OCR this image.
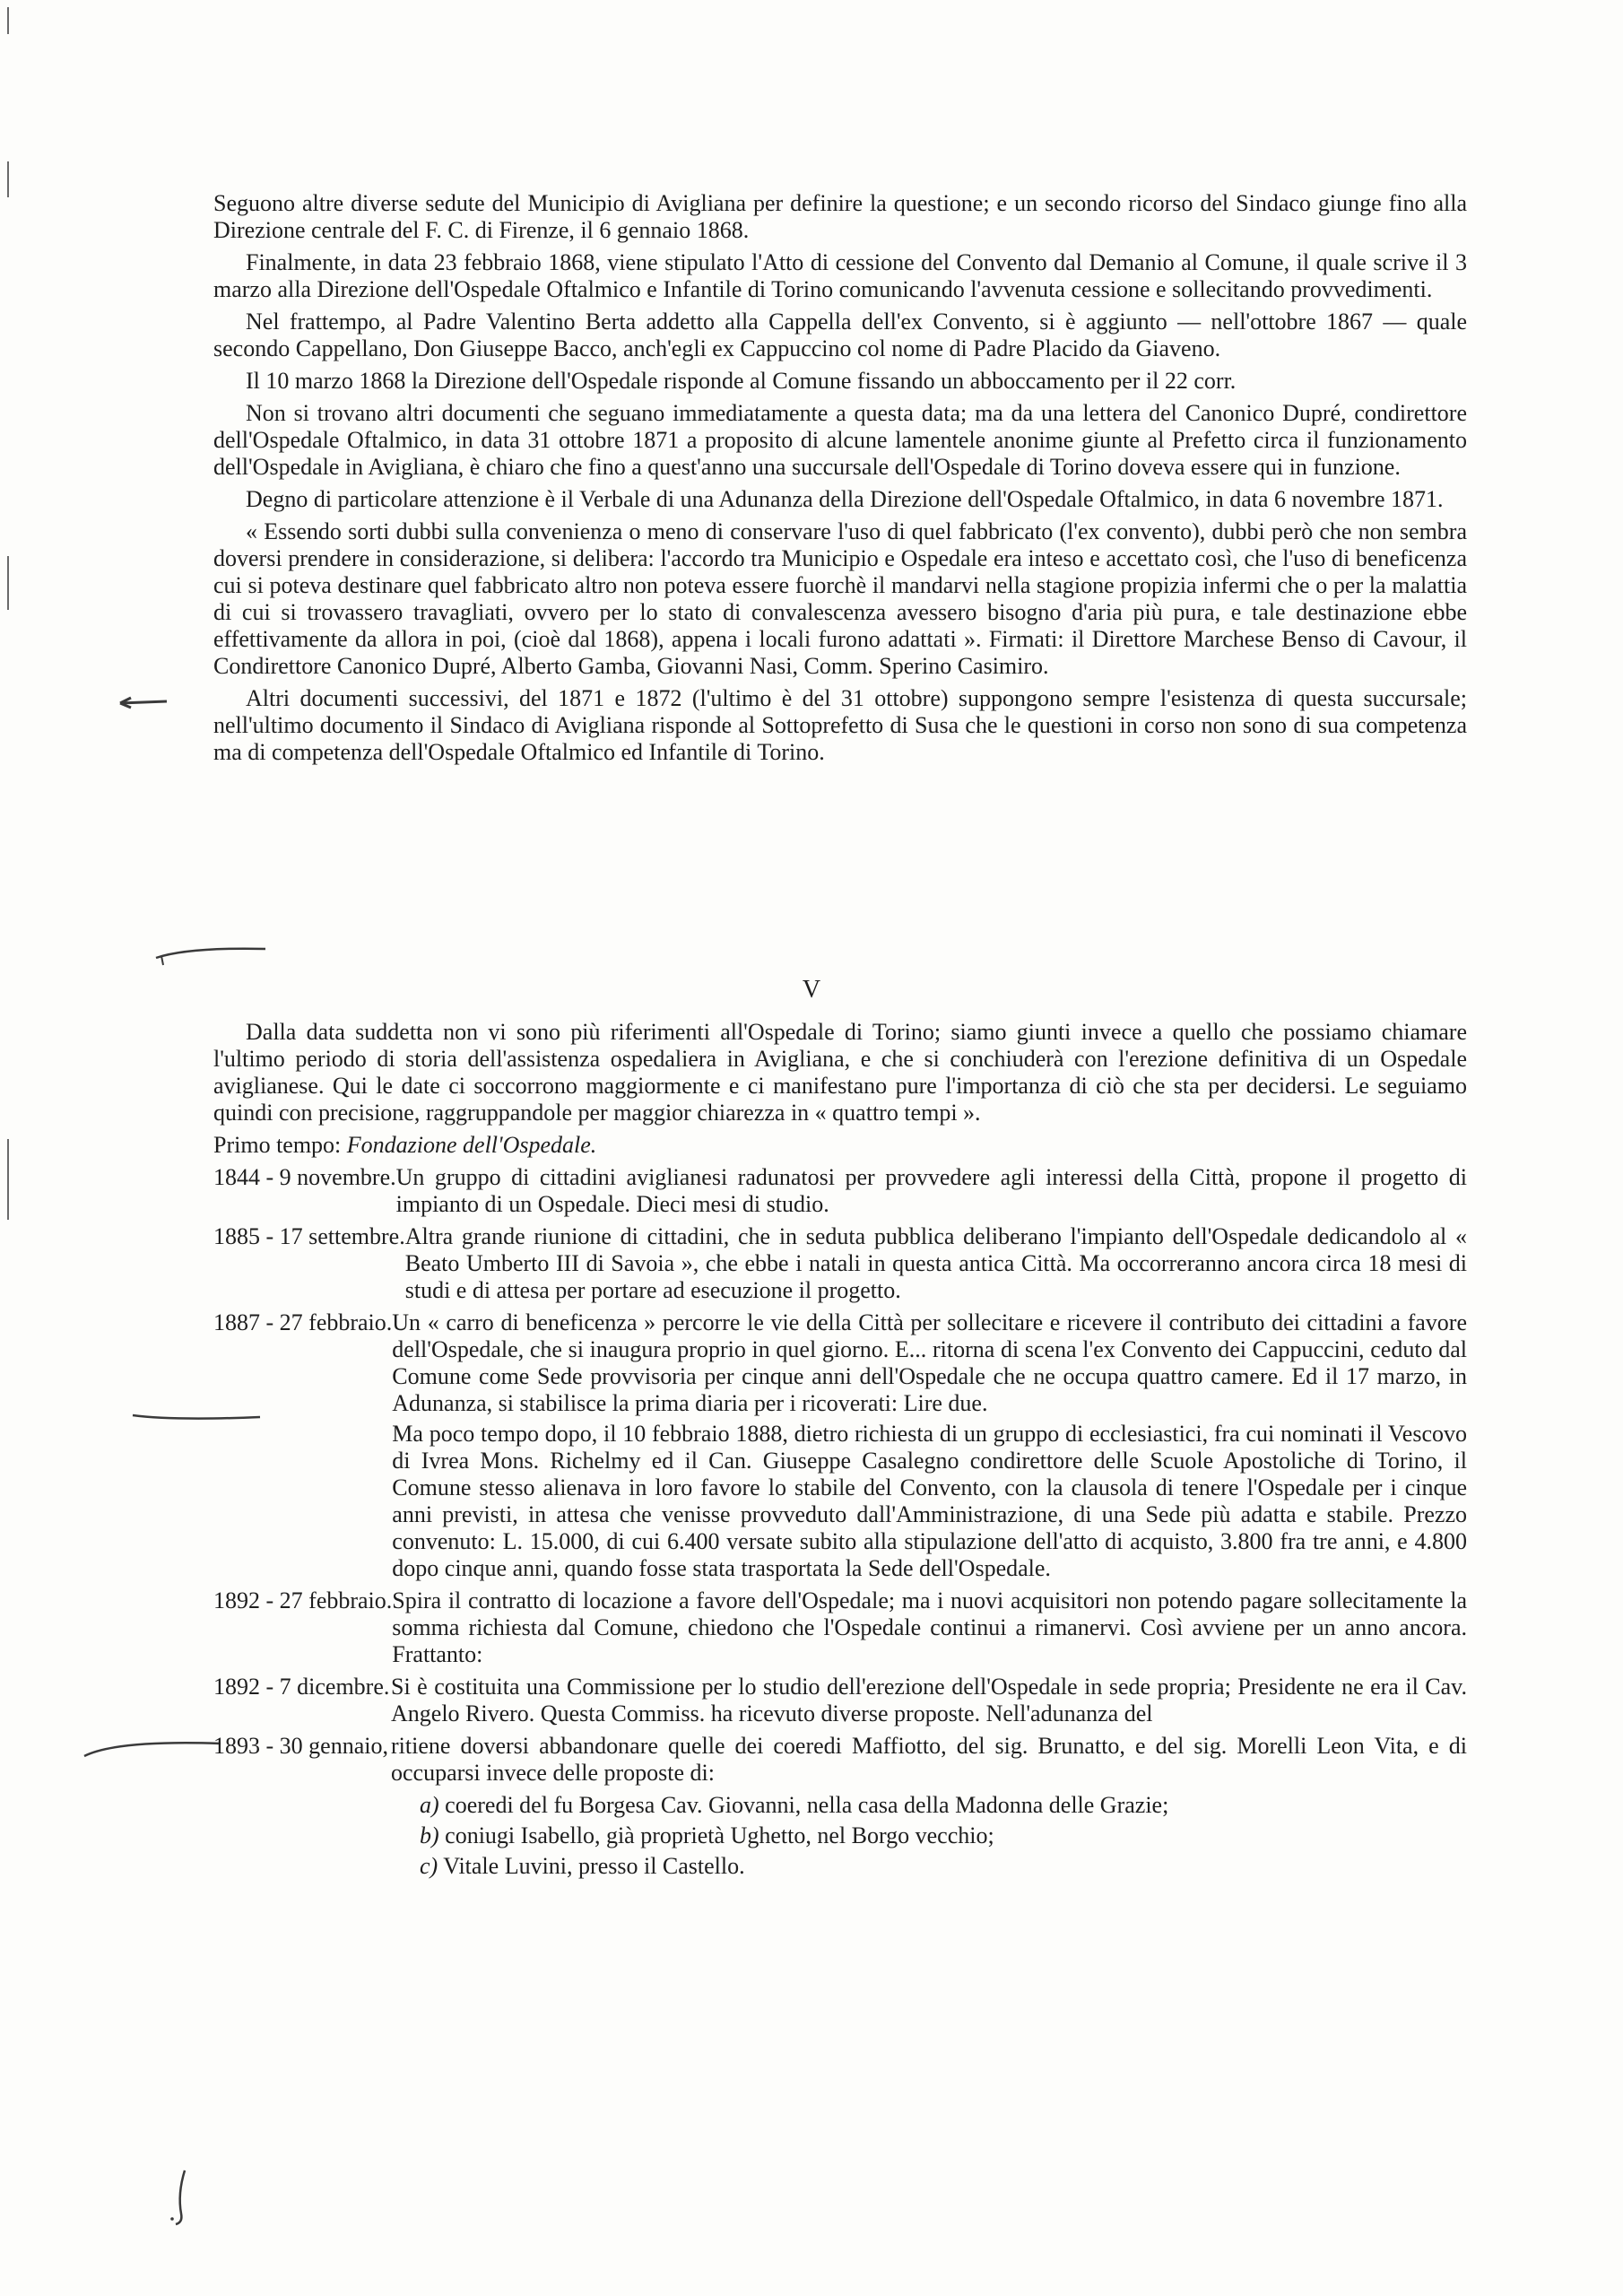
Seguono altre diverse sedute del Municipio di Avigliana per definire la questione; e un secondo ricorso del Sindaco giunge fino alla Direzione centrale del F. C. di Firenze, il 6 gennaio 1868.

Finalmente, in data 23 febbraio 1868, viene stipulato l'Atto di cessione del Convento dal Demanio al Comune, il quale scrive il 3 marzo alla Direzione dell'Ospedale Oftalmico e Infantile di Torino comunicando l'avvenuta cessione e sollecitando provvedimenti.

Nel frattempo, al Padre Valentino Berta addetto alla Cappella dell'ex Convento, si è aggiunto — nell'ottobre 1867 — quale secondo Cappellano, Don Giuseppe Bacco, anch'egli ex Cappuccino col nome di Padre Placido da Giaveno.

Il 10 marzo 1868 la Direzione dell'Ospedale risponde al Comune fissando un abboccamento per il 22 corr.

Non si trovano altri documenti che seguano immediatamente a questa data; ma da una lettera del Canonico Dupré, condirettore dell'Ospedale Oftalmico, in data 31 ottobre 1871 a proposito di alcune lamentele anonime giunte al Prefetto circa il funzionamento dell'Ospedale in Avigliana, è chiaro che fino a quest'anno una succursale dell'Ospedale di Torino doveva essere qui in funzione.

Degno di particolare attenzione è il Verbale di una Adunanza della Direzione dell'Ospedale Oftalmico, in data 6 novembre 1871.

« Essendo sorti dubbi sulla convenienza o meno di conservare l'uso di quel fabbricato (l'ex convento), dubbi però che non sembra doversi prendere in considerazione, si delibera: l'accordo tra Municipio e Ospedale era inteso e accettato così, che l'uso di beneficenza cui si poteva destinare quel fabbricato altro non poteva essere fuorchè il mandarvi nella stagione propizia infermi che o per la malattia di cui si trovassero travagliati, ovvero per lo stato di convalescenza avessero bisogno d'aria più pura, e tale destinazione ebbe effettivamente da allora in poi, (cioè dal 1868), appena i locali furono adattati ». Firmati: il Direttore Marchese Benso di Cavour, il Condirettore Canonico Dupré, Alberto Gamba, Giovanni Nasi, Comm. Sperino Casimiro.

Altri documenti successivi, del 1871 e 1872 (l'ultimo è del 31 ottobre) suppongono sempre l'esistenza di questa succursale; nell'ultimo documento il Sindaco di Avigliana risponde al Sottoprefetto di Susa che le questioni in corso non sono di sua competenza ma di competenza dell'Ospedale Oftalmico ed Infantile di Torino.

V

Dalla data suddetta non vi sono più riferimenti all'Ospedale di Torino; siamo giunti invece a quello che possiamo chiamare l'ultimo periodo di storia dell'assistenza ospedaliera in Avigliana, e che si conchiuderà con l'erezione definitiva di un Ospedale aviglianese. Qui le date ci soccorrono maggiormente e ci manifestano pure l'importanza di ciò che sta per decidersi. Le seguiamo quindi con precisione, raggruppandole per maggior chiarezza in « quattro tempi ».

Primo tempo: Fondazione dell'Ospedale.

1844 - 9 novembre. Un gruppo di cittadini aviglianesi radunatosi per provvedere agli interessi della Città, propone il progetto di impianto di un Ospedale. Dieci mesi di studio.
1885 - 17 settembre. Altra grande riunione di cittadini, che in seduta pubblica deliberano l'impianto dell'Ospedale dedicandolo al « Beato Umberto III di Savoia », che ebbe i natali in questa antica Città. Ma occorreranno ancora circa 18 mesi di studi e di attesa per portare ad esecuzione il progetto.
1887 - 27 febbraio. Un « carro di beneficenza » percorre le vie della Città per sollecitare e ricevere il contributo dei cittadini a favore dell'Ospedale, che si inaugura proprio in quel giorno. E... ritorna di scena l'ex Convento dei Cappuccini, ceduto dal Comune come Sede provvisoria per cinque anni dell'Ospedale che ne occupa quattro camere. Ed il 17 marzo, in Adunanza, si stabilisce la prima diaria per i ricoverati: Lire due.
Ma poco tempo dopo, il 10 febbraio 1888, dietro richiesta di un gruppo di ecclesiastici, fra cui nominati il Vescovo di Ivrea Mons. Richelmy ed il Can. Giuseppe Casalegno condirettore delle Scuole Apostoliche di Torino, il Comune stesso alienava in loro favore lo stabile del Convento, con la clausola di tenere l'Ospedale per i cinque anni previsti, in attesa che venisse provveduto dall'Amministrazione, di una Sede più adatta e stabile. Prezzo convenuto: L. 15.000, di cui 6.400 versate subito alla stipulazione dell'atto di acquisto, 3.800 fra tre anni, e 4.800 dopo cinque anni, quando fosse stata trasportata la Sede dell'Ospedale.
1892 - 27 febbraio. Spira il contratto di locazione a favore dell'Ospedale; ma i nuovi acquisitori non potendo pagare sollecitamente la somma richiesta dal Comune, chiedono che l'Ospedale continui a rimanervi. Così avviene per un anno ancora. Frattanto:
1892 - 7 dicembre. Si è costituita una Commissione per lo studio dell'erezione dell'Ospedale in sede propria; Presidente ne era il Cav. Angelo Rivero. Questa Commiss. ha ricevuto diverse proposte. Nell'adunanza del
1893 - 30 gennaio, ritiene doversi abbandonare quelle dei coeredi Maffiotto, del sig. Brunatto, e del sig. Morelli Leon Vita, e di occuparsi invece delle proposte di:
a) coeredi del fu Borgesa Cav. Giovanni, nella casa della Madonna delle Grazie;
b) coniugi Isabello, già proprietà Ughetto, nel Borgo vecchio;
c) Vitale Luvini, presso il Castello.
